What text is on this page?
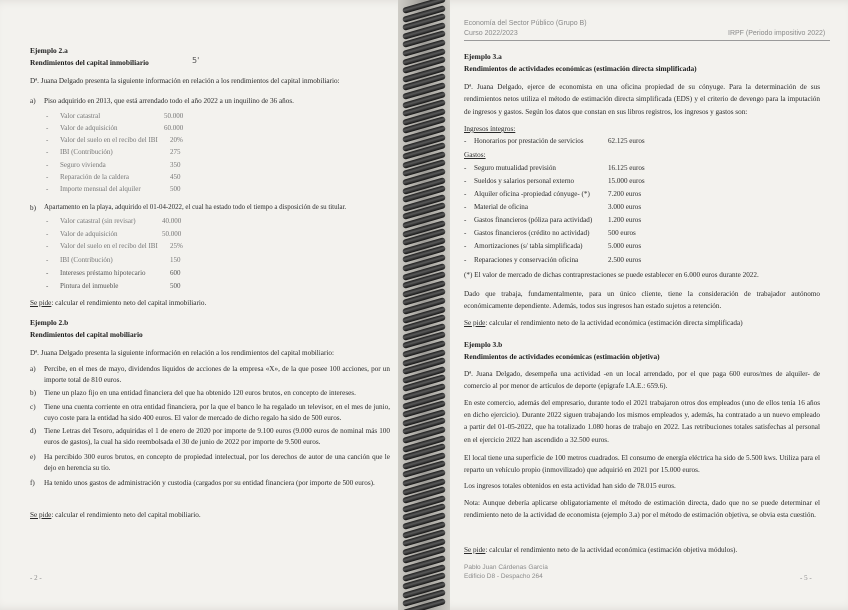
Ejemplo 2.a
Rendimientos del capital inmobiliario	5'
Dª. Juana Delgado presenta la siguiente información en relación a los rendimientos del capital inmobiliario:
a) Piso adquirido en 2013, que está arrendado todo el año 2022 a un inquilino de 36 años.
- Valor catastral	50.000
- Valor de adquisición	60.000
- Valor del suelo en el recibo del IBI 20%
- IBI (Contribución)	275
- Seguro vivienda	350
- Reparación de la caldera	450
- Importe mensual del alquiler	500
b) Apartamento en la playa, adquirido el 01-04-2022, el cual ha estado todo el tiempo a disposición de su titular.
- Valor catastral (sin revisar)	40.000
- Valor de adquisición	50.000
- Valor del suelo en el recibo del IBI 25%
- IBI (Contribución)	150
- Intereses préstamo hipotecario	600
- Pintura del inmueble	500
Se pide: calcular el rendimiento neto del capital inmobiliario.
Ejemplo 2.b
Rendimientos del capital mobiliario
Dª. Juana Delgado presenta la siguiente información en relación a los rendimientos del capital mobiliario:
a) Percibe, en el mes de mayo, dividendos líquidos de acciones de la empresa «X», de la que posee 100 acciones, por un importe total de 810 euros.
b) Tiene un plazo fijo en una entidad financiera del que ha obtenido 120 euros brutos, en concepto de intereses.
c) Tiene una cuenta corriente en otra entidad financiera, por la que el banco le ha regalado un televisor, en el mes de junio, cuyo coste para la entidad ha sido 400 euros. El valor de mercado de dicho regalo ha sido de 500 euros.
d) Tiene Letras del Tesoro, adquiridas el 1 de enero de 2020 por importe de 9.100 euros (9.000 euros de nominal más 100 euros de gastos), la cual ha sido reembolsada el 30 de junio de 2022 por importe de 9.500 euros.
e) Ha percibido 300 euros brutos, en concepto de propiedad intelectual, por los derechos de autor de una canción que le dejo en herencia su tío.
f) Ha tenido unos gastos de administración y custodia (cargados por su entidad financiera (por importe de 500 euros).
Se pide: calcular el rendimiento neto del capital mobiliario.
- 2 -
Economía del Sector Público (Grupo B)
Curso 2022/2023	IRPF (Periodo impositivo 2022)
Ejemplo 3.a
Rendimientos de actividades económicas (estimación directa simplificada)
Dª. Juana Delgado, ejerce de economista en una oficina propiedad de su cónyuge. Para la determinación de sus rendimientos netos utiliza el método de estimación directa simplificada (EDS) y el criterio de devengo para la imputación de ingresos y gastos. Según los datos que constan en sus libros registros, los ingresos y gastos son:
Ingresos íntegros:
- Honorarios por prestación de servicios	62.125 euros
Gastos:
- Seguro mutualidad previsión	16.125 euros
- Sueldos y salarios personal externo	15.000 euros
- Alquiler oficina -propiedad cónyuge- (*)	7.200 euros
- Material de oficina	3.000 euros
- Gastos financieros (póliza para actividad) 1.200 euros
- Gastos financieros (crédito no actividad)	500 euros
- Amortizaciones (s/ tabla simplificada)	5.000 euros
- Reparaciones y conservación oficina	2.500 euros
(*) El valor de mercado de dichas contraprestaciones se puede establecer en 6.000 euros durante 2022.
Dado que trabaja, fundamentalmente, para un único cliente, tiene la consideración de trabajador autónomo económicamente dependiente. Además, todos sus ingresos han estado sujetos a retención.
Se pide: calcular el rendimiento neto de la actividad económica (estimación directa simplificada)
Ejemplo 3.b
Rendimientos de actividades económicas (estimación objetiva)
Dª. Juana Delgado, desempeña una actividad -en un local arrendado, por el que paga 600 euros/mes de alquiler- de comercio al por menor de artículos de deporte (epígrafe I.A.E.: 659.6).
En este comercio, además del empresario, durante todo el 2021 trabajaron otros dos empleados (uno de ellos tenía 16 años en dicho ejercicio). Durante 2022 siguen trabajando los mismos empleados y, además, ha contratado a un nuevo empleado a partir del 01-05-2022, que ha totalizado 1.080 horas de trabajo en 2022. Las retribuciones totales satisfechas al personal en el ejercicio 2022 han ascendido a 32.500 euros.
El local tiene una superficie de 100 metros cuadrados. El consumo de energía eléctrica ha sido de 5.500 kws. Utiliza para el reparto un vehículo propio (inmovilizado) que adquirió en 2021 por 15.000 euros.
Los ingresos totales obtenidos en esta actividad han sido de 78.015 euros.
Nota: Aunque debería aplicarse obligatoriamente el método de estimación directa, dado que no se puede determinar el rendimiento neto de la actividad de economista (ejemplo 3.a) por el método de estimación objetiva, se obvia esta cuestión.
Se pide: calcular el rendimiento neto de la actividad económica (estimación objetiva módulos).
Pablo Juan Cárdenas García
Edificio D8 - Despacho 264	- 5 -
